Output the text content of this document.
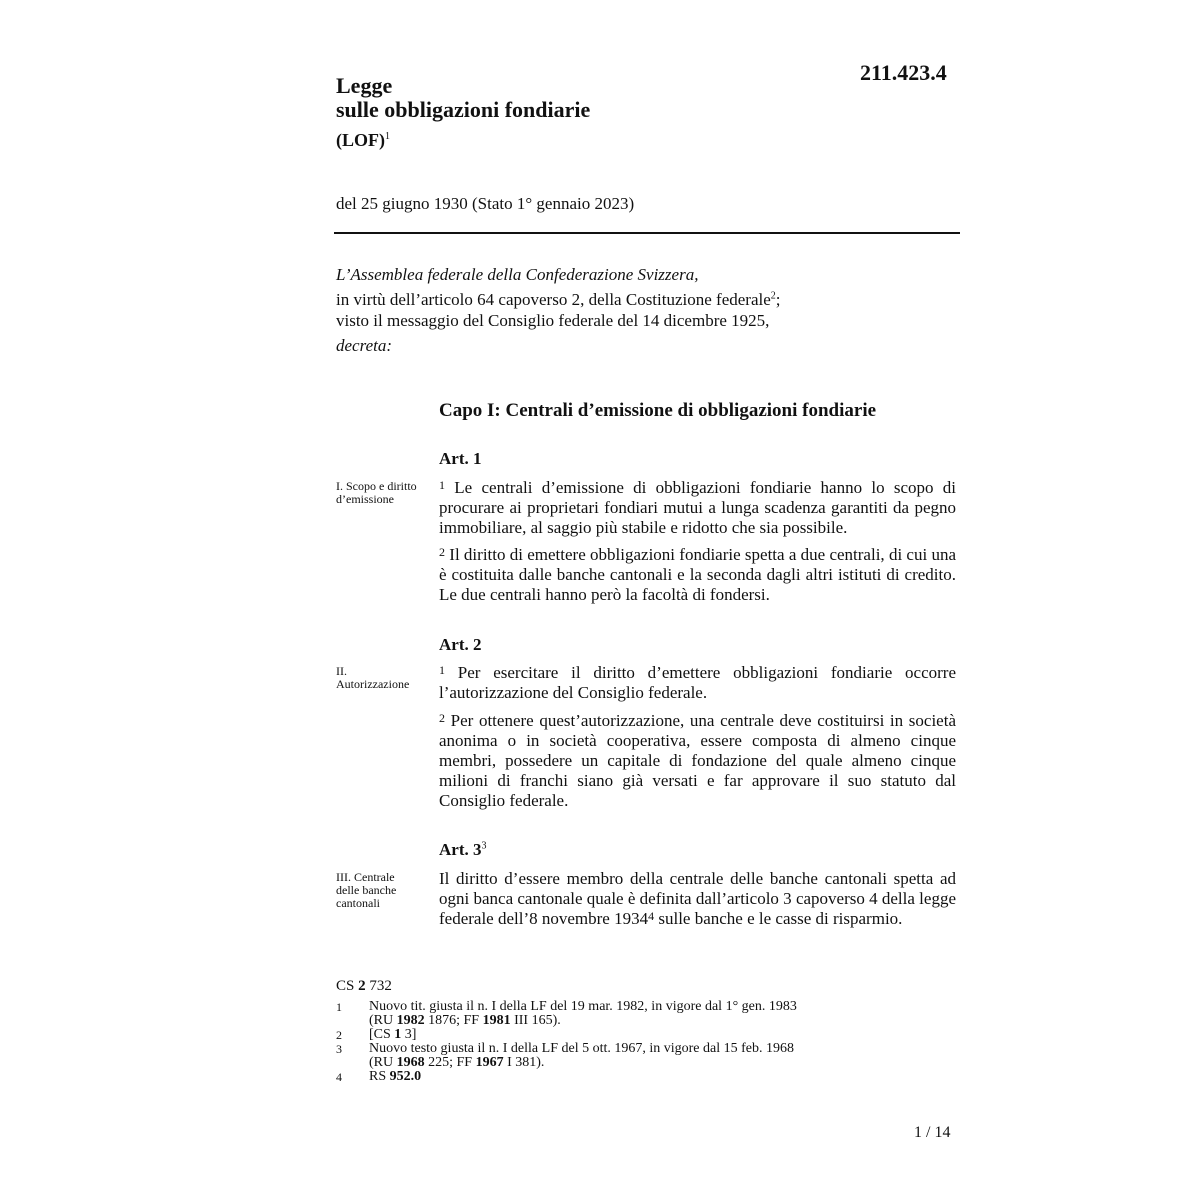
211.423.4
Legge
sulle obbligazioni fondiarie
(LOF)$^1$
del 25 giugno 1930 (Stato 1° gennaio 2023)
L’Assemblea federale della Confederazione Svizzera,
in virtù dell’articolo 64 capoverso 2, della Costituzione federale$^2$;
visto il messaggio del Consiglio federale del 14 dicembre 1925,
decreta:
Capo I: Centrali d’emissione di obbligazioni fondiarie
Art. 1
I. Scopo e diritto d’emissione
$^1$ Le centrali d’emissione di obbligazioni fondiarie hanno lo scopo di procurare ai proprietari fondiari mutui a lunga scadenza garantiti da pegno immobiliare, al saggio più stabile e ridotto che sia possibile.
$^2$ Il diritto di emettere obbligazioni fondiarie spetta a due centrali, di cui una è costituita dalle banche cantonali e la seconda dagli altri istituti di credito. Le due centrali hanno però la facoltà di fondersi.
Art. 2
II. Autorizzazione
$^1$ Per esercitare il diritto d’emettere obbligazioni fondiarie occorre l’autorizzazione del Consiglio federale.
$^2$ Per ottenere quest’autorizzazione, una centrale deve costituirsi in società anonima o in società cooperativa, essere composta di almeno cinque membri, possedere un capitale di fondazione del quale almeno cinque milioni di franchi siano già versati e far approvare il suo statuto dal Consiglio federale.
Art. $3^3$
III. Centrale delle banche cantonali
Il diritto d’essere membro della centrale delle banche cantonali spetta ad ogni banca cantonale quale è definita dall’articolo 3 capoverso 4 della legge federale dell’8 novembre 1934$^4$ sulle banche e le casse di risparmio.
CS 2 732
1	Nuovo tit. giusta il n. I della LF del 19 mar. 1982, in vigore dal 1° gen. 1983
(RU 1982 1876; FF 1981 III 165).
2	[CS 1 3]
3	Nuovo testo giusta il n. I della LF del 5 ott. 1967, in vigore dal 15 feb. 1968
(RU 1968 225; FF 1967 I 381).
4	RS 952.0
1 / 14
